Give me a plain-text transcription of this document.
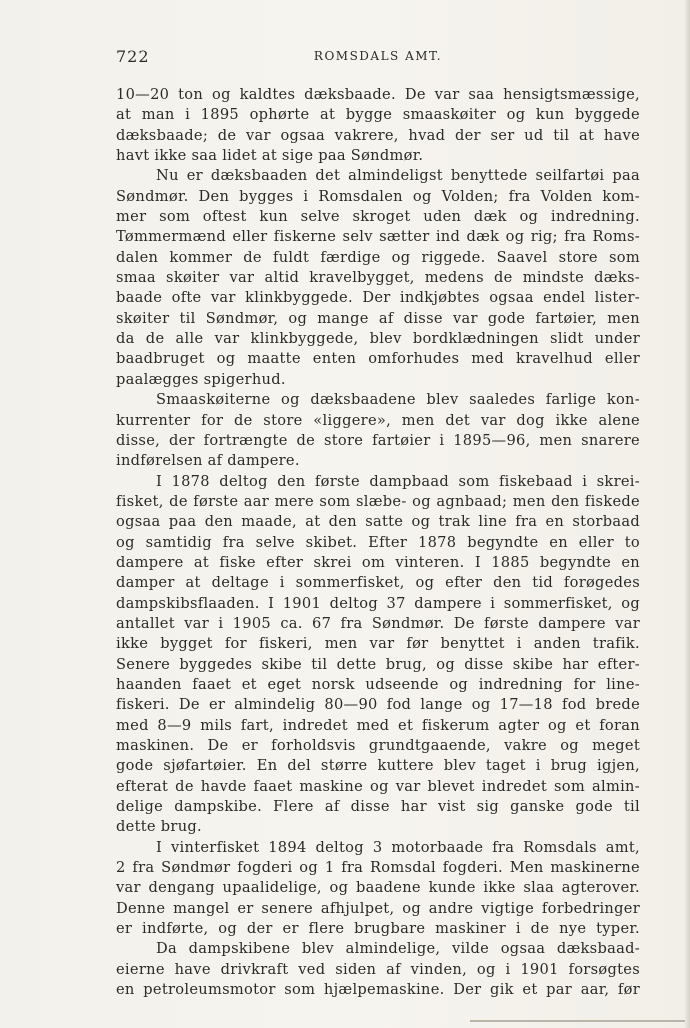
722	ROMSDALS AMT.
10—20 ton og kaldtes dæksbaade. De var saa hensigtsmæssige,
at man i 1895 ophørte at bygge smaaskøiter og kun byggede
dæksbaade; de var ogsaa vakrere, hvad der ser ud til at have
havt ikke saa lidet at sige paa Søndmør.
Nu er dæksbaaden det almindeligst benyttede seilfartøi paa
Søndmør. Den bygges i Romsdalen og Volden; fra Volden kom-
mer som oftest kun selve skroget uden dæk og indredning.
Tømmermænd eller fiskerne selv sætter ind dæk og rig; fra Roms-
dalen kommer de fuldt færdige og riggede. Saavel store som
smaa skøiter var altid kravelbygget, medens de mindste dæks-
baade ofte var klinkbyggede. Der indkjøbtes ogsaa endel lister-
skøiter til Søndmør, og mange af disse var gode fartøier, men
da de alle var klinkbyggede, blev bordklædningen slidt under
baadbruget og maatte enten omforhudes med kravelhud eller
paalægges spigerhud.
Smaaskøiterne og dæksbaadene blev saaledes farlige kon-
kurrenter for de store «liggere», men det var dog ikke alene
disse, der fortrængte de store fartøier i 1895—96, men snarere
indførelsen af dampere.
I 1878 deltog den første dampbaad som fiskebaad i skrei-
fisket, de første aar mere som slæbe- og agnbaad; men den fiskede
ogsaa paa den maade, at den satte og trak line fra en storbaad
og samtidig fra selve skibet. Efter 1878 begyndte en eller to
dampere at fiske efter skrei om vinteren. I 1885 begyndte en
damper at deltage i sommerfisket, og efter den tid forøgedes
dampskibsflaaden. I 1901 deltog 37 dampere i sommerfisket, og
antallet var i 1905 ca. 67 fra Søndmør. De første dampere var
ikke bygget for fiskeri, men var før benyttet i anden trafik.
Senere byggedes skibe til dette brug, og disse skibe har efter-
haanden faaet et eget norsk udseende og indredning for line-
fiskeri. De er almindelig 80—90 fod lange og 17—18 fod brede
med 8—9 mils fart, indredet med et fiskerum agter og et foran
maskinen. De er forholdsvis grundtgaaende, vakre og meget
gode sjøfartøier. En del større kuttere blev taget i brug igjen,
efterat de havde faaet maskine og var blevet indredet som almin-
delige dampskibe. Flere af disse har vist sig ganske gode til
dette brug.
I vinterfisket 1894 deltog 3 motorbaade fra Romsdals amt,
2 fra Søndmør fogderi og 1 fra Romsdal fogderi. Men maskinerne
var dengang upaalidelige, og baadene kunde ikke slaa agterover.
Denne mangel er senere afhjulpet, og andre vigtige forbedringer
er indførte, og der er flere brugbare maskiner i de nye typer.
Da dampskibene blev almindelige, vilde ogsaa dæksbaad-
eierne have drivkraft ved siden af vinden, og i 1901 forsøgtes
en petroleumsmotor som hjælpemaskine. Der gik et par aar, før
